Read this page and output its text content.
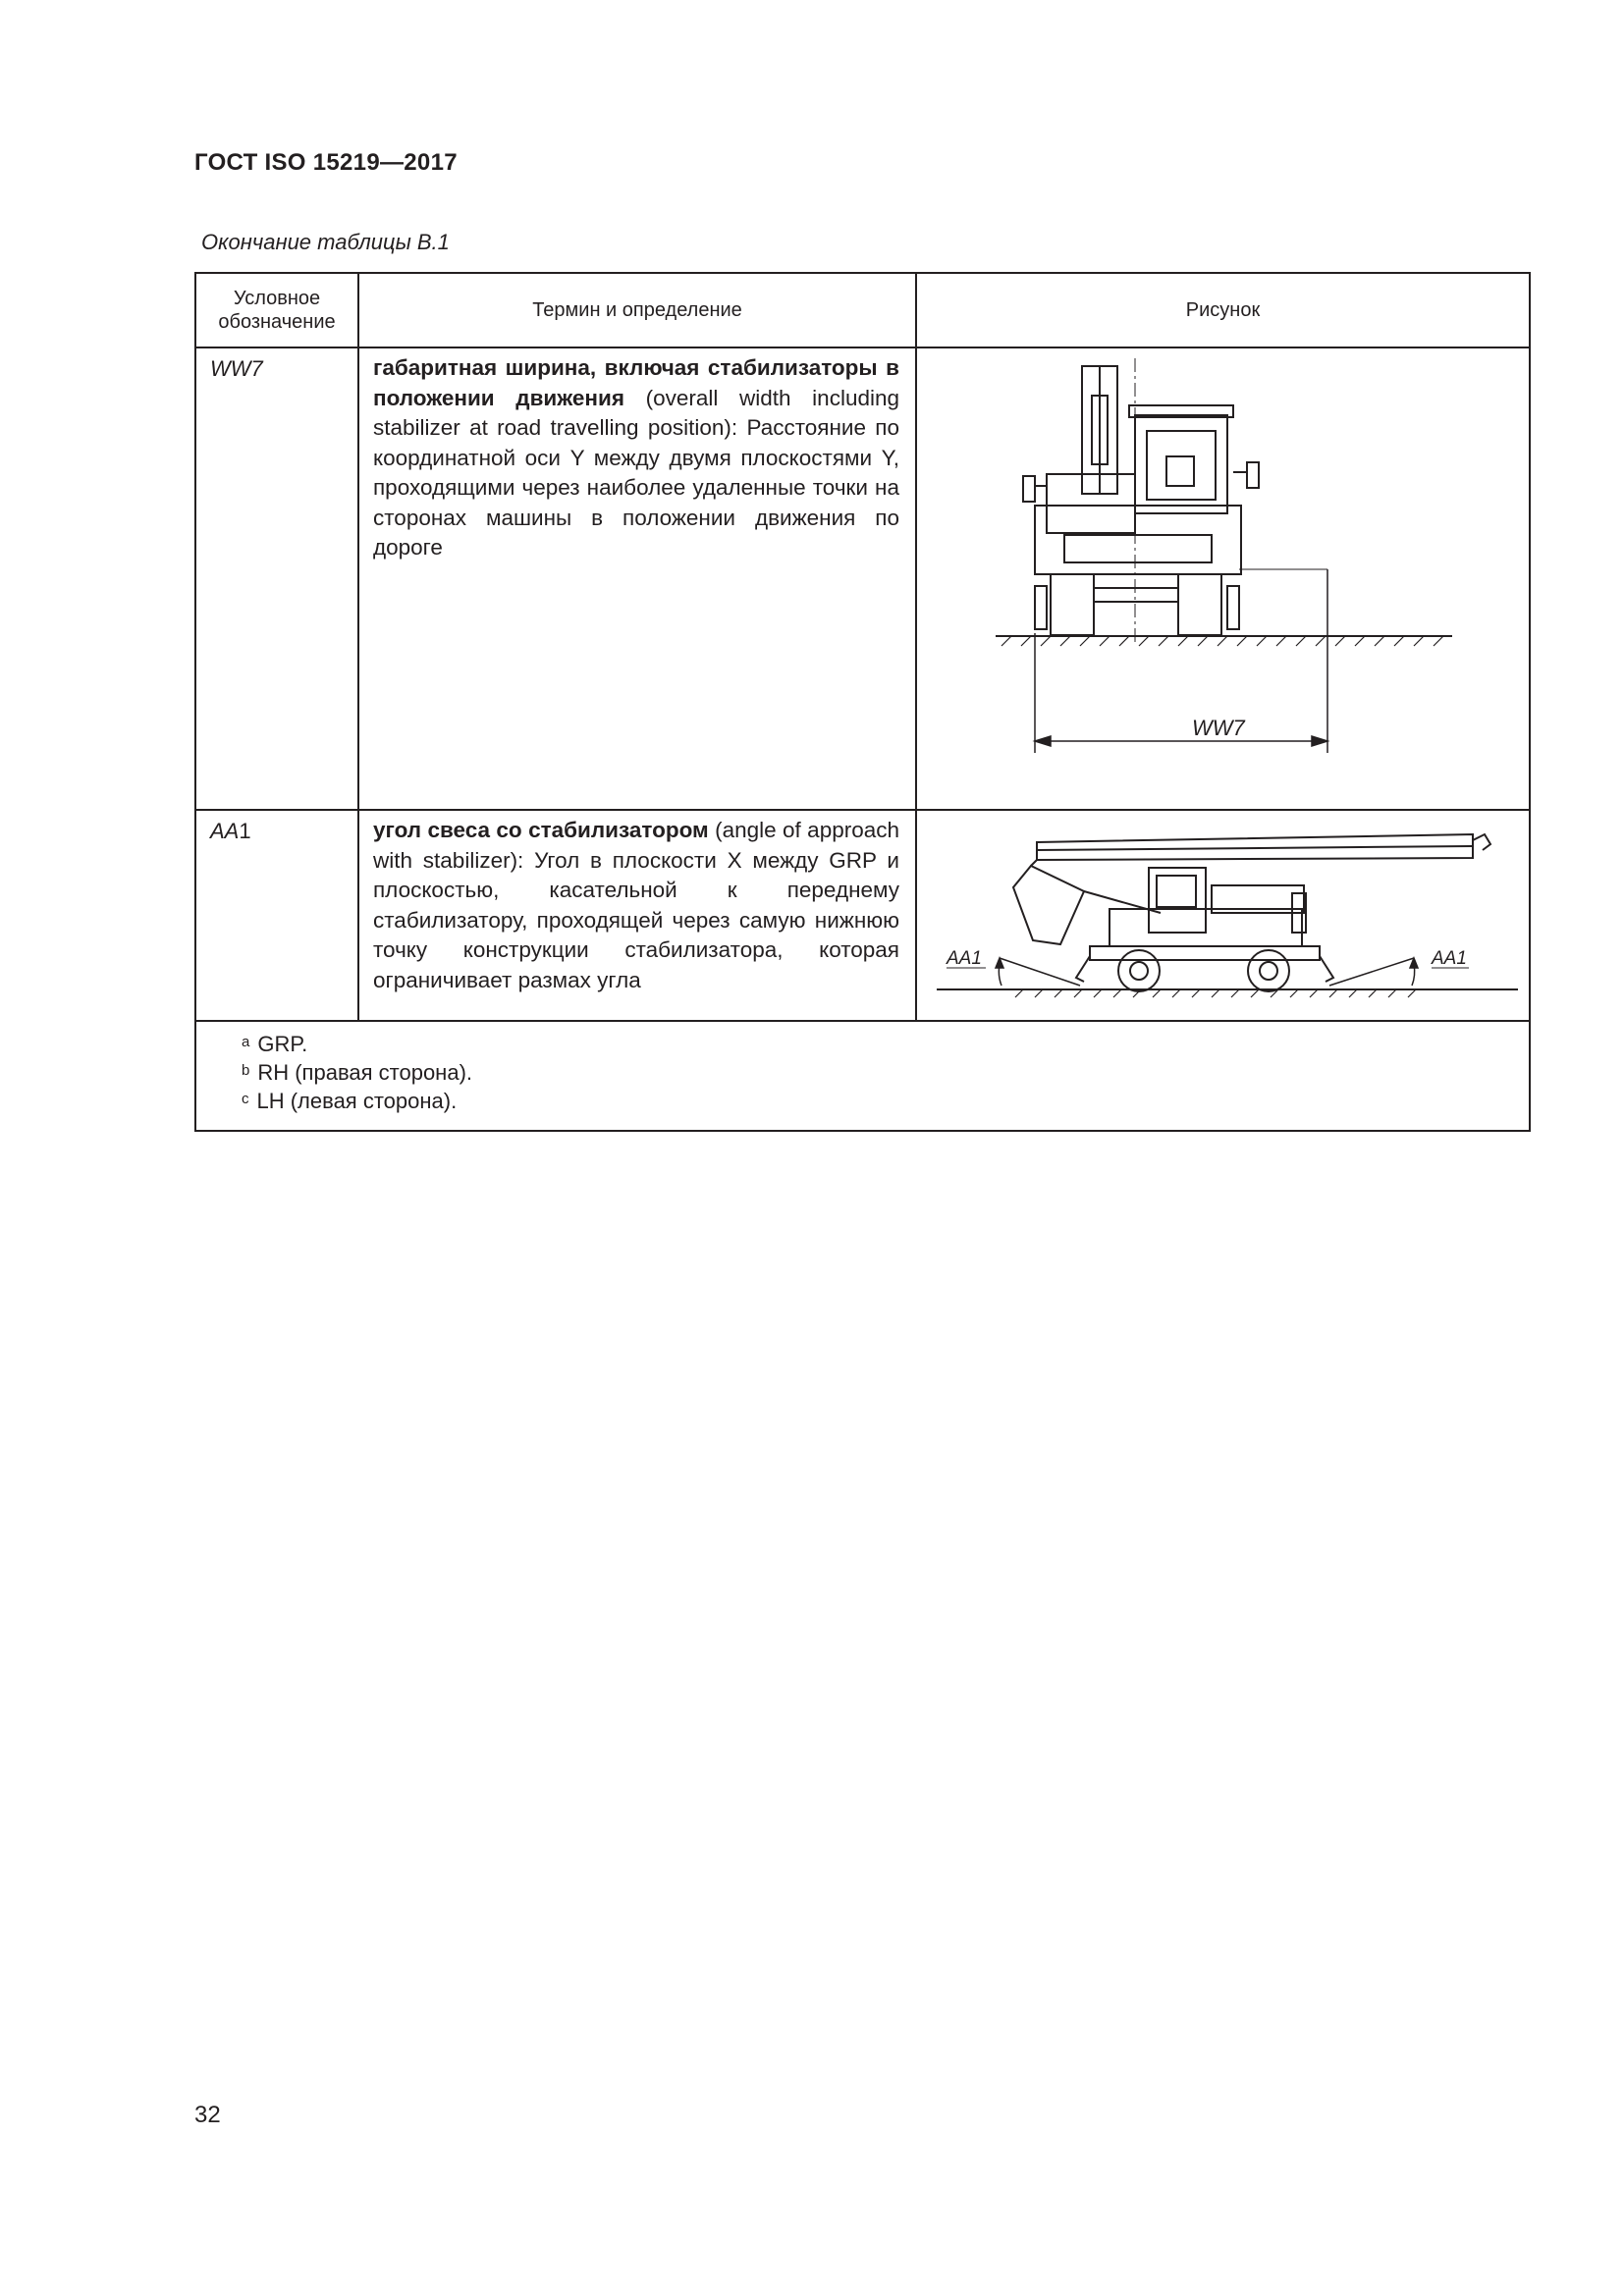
ГОСТ ISO 15219—2017
Окончание таблицы В.1
Условное обозначение	Термин и определение	Рисунок
WW7	габаритная ширина, включая стабилизаторы в положении движения (overall width including stabilizer at road travelling position): Расстояние по координатной оси Y между двумя плоскостями Y, проходящими через наиболее удаленные точки на сторонах машины в положении движения по дороге	WW7

AA1	угол свеса со стабилизатором (angle of approach with stabilizer): Угол в плоскости X между GRP и плоскостью, касательной к переднему стабилизатору, проходящей через самую нижнюю точку конструкции стабилизатора, которая ограничивает размах угла	AA1 AA1

$^a$ GRP.
$^b$ RH (правая сторона).
$^c$ LH (левая сторона).		
32
